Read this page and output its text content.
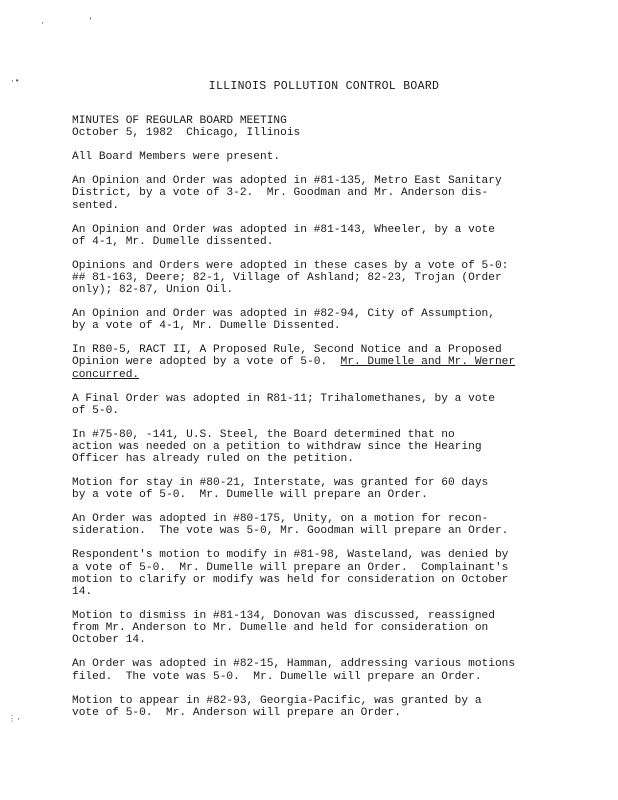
·	‘
·•
⋮·
ILLINOIS POLLUTION CONTROL BOARD
MINUTES OF REGULAR BOARD MEETING
October 5, 1982  Chicago, Illinois
All Board Members were present.
An Opinion and Order was adopted in #81-135, Metro East Sanitary
District, by a vote of 3-2.  Mr. Goodman and Mr. Anderson dis-
sented.
An Opinion and Order was adopted in #81-143, Wheeler, by a vote
of 4-1, Mr. Dumelle dissented.
Opinions and Orders were adopted in these cases by a vote of 5-0:
## 81-163, Deere; 82-1, Village of Ashland; 82-23, Trojan (Order
only); 82-87, Union Oil.
An Opinion and Order was adopted in #82-94, City of Assumption,
by a vote of 4-1, Mr. Dumelle Dissented.
In R80-5, RACT II, A Proposed Rule, Second Notice and a Proposed
Opinion were adopted by a vote of 5-0.  Mr. Dumelle and Mr. Werner
concurred.
A Final Order was adopted in R81-11; Trihalomethanes, by a vote
of 5-0.
In #75-80, -141, U.S. Steel, the Board determined that no
action was needed on a petition to withdraw since the Hearing
Officer has already ruled on the petition.
Motion for stay in #80-21, Interstate, was granted for 60 days
by a vote of 5-0.  Mr. Dumelle will prepare an Order.
An Order was adopted in #80-175, Unity, on a motion for recon-
sideration.  The vote was 5-0, Mr. Goodman will prepare an Order.
Respondent's motion to modify in #81-98, Wasteland, was denied by
a vote of 5-0.  Mr. Dumelle will prepare an Order.  Complainant's
motion to clarify or modify was held for consideration on October
14.
Motion to dismiss in #81-134, Donovan was discussed, reassigned
from Mr. Anderson to Mr. Dumelle and held for consideration on
October 14.
An Order was adopted in #82-15, Hamman, addressing various motions
filed.  The vote was 5-0.  Mr. Dumelle will prepare an Order.
Motion to appear in #82-93, Georgia-Pacific, was granted by a
vote of 5-0.  Mr. Anderson will prepare an Order.
